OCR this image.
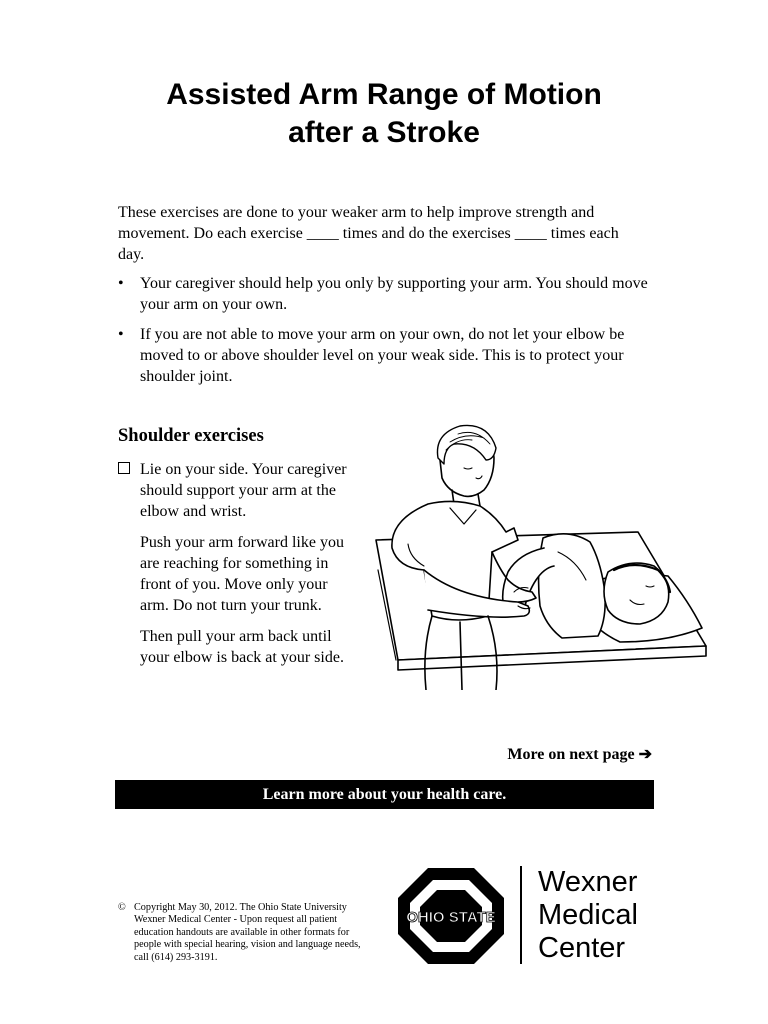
Assisted Arm Range of Motion
after a Stroke

These exercises are done to your weaker arm to help improve strength and movement. Do each exercise ____ times and do the exercises ____ times each day.

• Your caregiver should help you only by supporting your arm. You should move your arm on your own.
• If you are not able to move your arm on your own, do not let your elbow be moved to or above shoulder level on your weak side. This is to protect your shoulder joint.
Shoulder exercises

Lie on your side. Your caregiver should support your arm at the elbow and wrist.

Push your arm forward like you are reaching for something in front of you. Move only your arm. Do not turn your trunk.

Then pull your arm back until your elbow is back at your side.

More on next page ➔
Learn more about your health care.
© Copyright May 30, 2012. The Ohio State University Wexner Medical Center - Upon request all patient education handouts are available in other formats for people with special hearing, vision and language needs, call (614) 293-3191.
OHIO STATE
Wexner
Medical
Center
